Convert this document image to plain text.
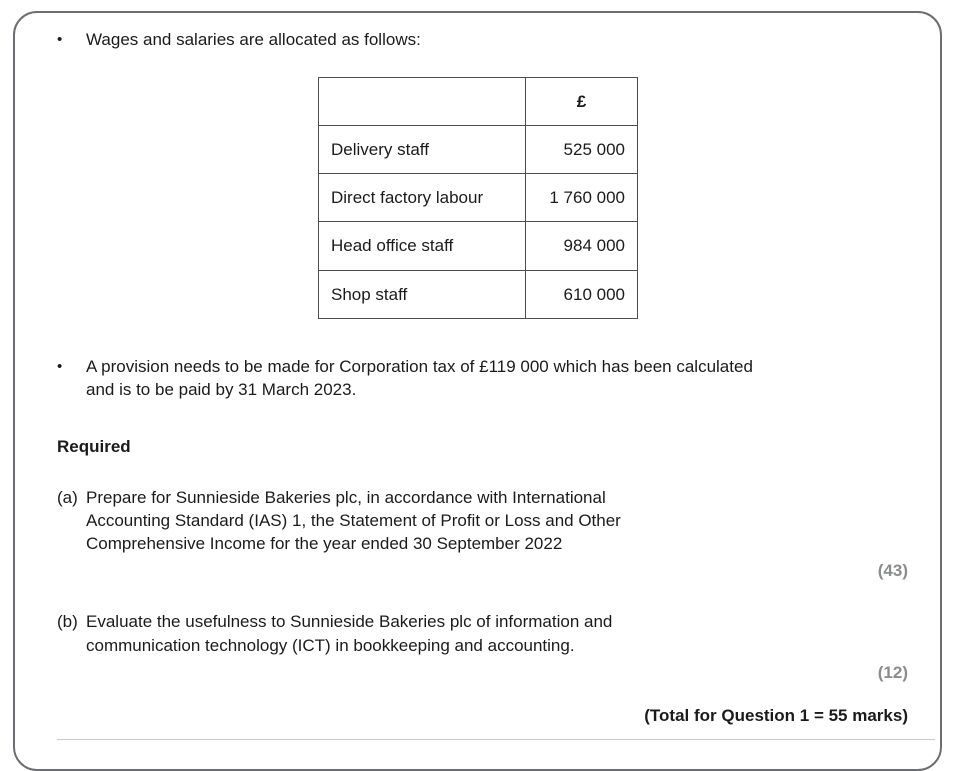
•	Wages and salaries are allocated as follows:
	£
Delivery staff	525 000
Direct factory labour	1 760 000
Head office staff	984 000
Shop staff	610 000
•	A provision needs to be made for Corporation tax of £119 000 which has been calculated and is to be paid by 31 March 2023.
Required
(a) Prepare for Sunnieside Bakeries plc, in accordance with International Accounting Standard (IAS) 1, the Statement of Profit or Loss and Other Comprehensive Income for the year ended 30 September 2022
(43)
(b) Evaluate the usefulness to Sunnieside Bakeries plc of information and communication technology (ICT) in bookkeeping and accounting.
(12)
(Total for Question 1 = 55 marks)
